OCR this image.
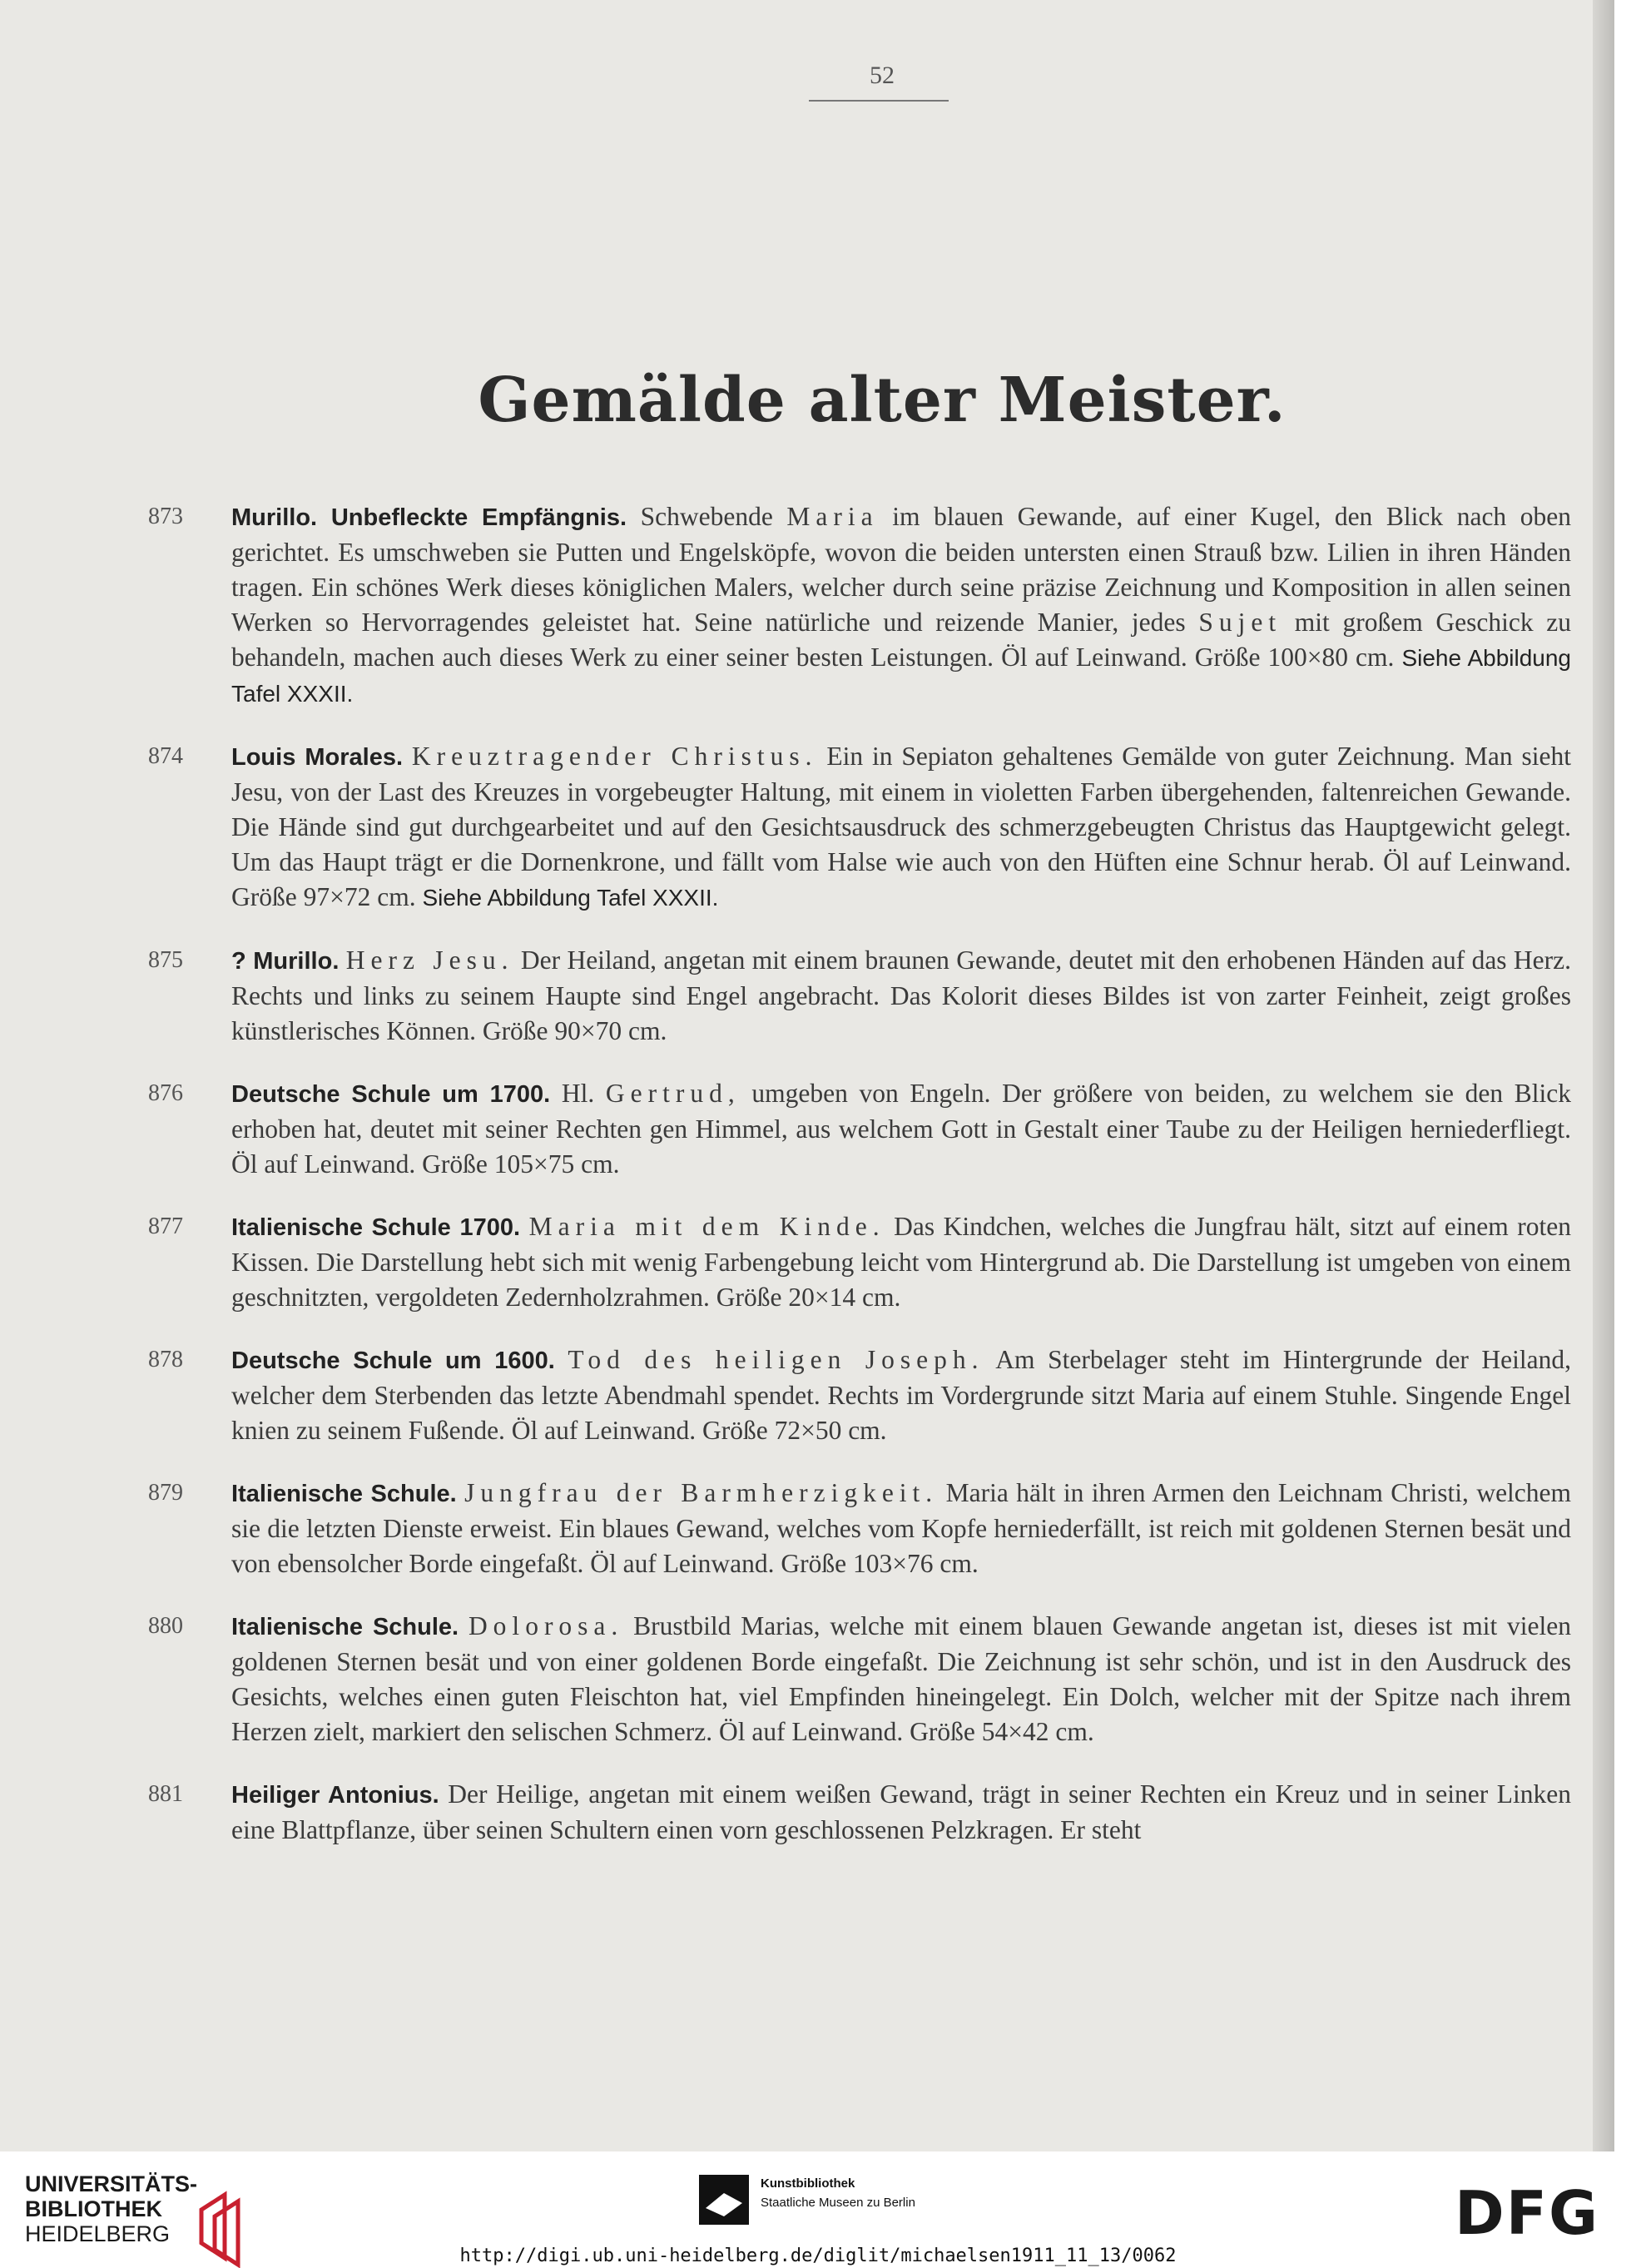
52
Gemälde alter Meister.
873 Murillo. Unbefleckte Empfängnis. Schwebende Maria im blauen Gewande, auf einer Kugel, den Blick nach oben gerichtet. Es umschweben sie Putten und Engelsköpfe, wovon die beiden untersten einen Strauß bzw. Lilien in ihren Händen tragen. Ein schönes Werk dieses königlichen Malers, welcher durch seine präzise Zeichnung und Komposition in allen seinen Werken so Hervorragendes geleistet hat. Seine natürliche und reizende Manier, jedes Sujet mit großem Geschick zu behandeln, machen auch dieses Werk zu einer seiner besten Leistungen. Öl auf Leinwand. Größe 100×80 cm. Siehe Abbildung Tafel XXXII.
874 Louis Morales. Kreuztragender Christus. Ein in Sepiaton gehaltenes Gemälde von guter Zeichnung. Man sieht Jesu, von der Last des Kreuzes in vorgebeugter Haltung, mit einem in violetten Farben übergehenden, faltenreichen Gewande. Die Hände sind gut durchgearbeitet und auf den Gesichtsausdruck des schmerzgebeugten Christus das Hauptgewicht gelegt. Um das Haupt trägt er die Dornenkrone, und fällt vom Halse wie auch von den Hüften eine Schnur herab. Öl auf Leinwand. Größe 97×72 cm. Siehe Abbildung Tafel XXXII.
875 ? Murillo. Herz Jesu. Der Heiland, angetan mit einem braunen Gewande, deutet mit den erhobenen Händen auf das Herz. Rechts und links zu seinem Haupte sind Engel angebracht. Das Kolorit dieses Bildes ist von zarter Feinheit, zeigt großes künstlerisches Können. Größe 90×70 cm.
876 Deutsche Schule um 1700. Hl. Gertrud, umgeben von Engeln. Der größere von beiden, zu welchem sie den Blick erhoben hat, deutet mit seiner Rechten gen Himmel, aus welchem Gott in Gestalt einer Taube zu der Heiligen herniederfliegt. Öl auf Leinwand. Größe 105×75 cm.
877 Italienische Schule 1700. Maria mit dem Kinde. Das Kindchen, welches die Jungfrau hält, sitzt auf einem roten Kissen. Die Darstellung hebt sich mit wenig Farbengebung leicht vom Hintergrund ab. Die Darstellung ist umgeben von einem geschnitzten, vergoldeten Zedernholzrahmen. Größe 20×14 cm.
878 Deutsche Schule um 1600. Tod des heiligen Joseph. Am Sterbelager steht im Hintergrunde der Heiland, welcher dem Sterbenden das letzte Abendmahl spendet. Rechts im Vordergrunde sitzt Maria auf einem Stuhle. Singende Engel knien zu seinem Fußende. Öl auf Leinwand. Größe 72×50 cm.
879 Italienische Schule. Jungfrau der Barmherzigkeit. Maria hält in ihren Armen den Leichnam Christi, welchem sie die letzten Dienste erweist. Ein blaues Gewand, welches vom Kopfe herniederfällt, ist reich mit goldenen Sternen besät und von ebensolcher Borde eingefaßt. Öl auf Leinwand. Größe 103×76 cm.
880 Italienische Schule. Dolorosa. Brustbild Marias, welche mit einem blauen Gewande angetan ist, dieses ist mit vielen goldenen Sternen besät und von einer goldenen Borde eingefaßt. Die Zeichnung ist sehr schön, und ist in den Ausdruck des Gesichts, welches einen guten Fleischton hat, viel Empfinden hineingelegt. Ein Dolch, welcher mit der Spitze nach ihrem Herzen zielt, markiert den selischen Schmerz. Öl auf Leinwand. Größe 54×42 cm.
881 Heiliger Antonius. Der Heilige, angetan mit einem weißen Gewand, trägt in seiner Rechten ein Kreuz und in seiner Linken eine Blattpflanze, über seinen Schultern einen vorn geschlossenen Pelzkragen. Er steht
UNIVERSITÄTS-
BIBLIOTHEK
HEIDELBERG
Kunstbibliothek
Staatliche Museen zu Berlin	DFG
http://digi.ub.uni-heidelberg.de/diglit/michaelsen1911_11_13/0062
